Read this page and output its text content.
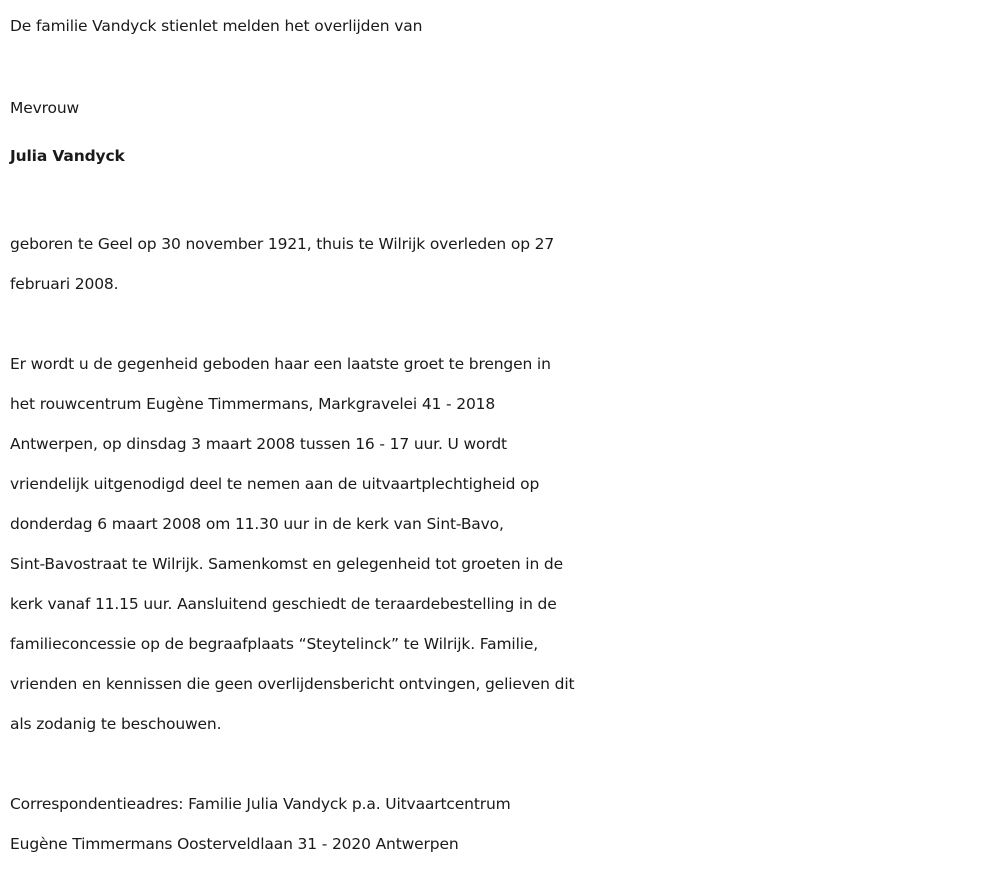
De familie Vandyck stienlet melden het overlijden van

Mevrouw

Julia Vandyck

geboren te Geel op 30 november 1921, thuis te Wilrijk overleden op 27
februari 2008.

Er wordt u de gegenheid geboden haar een laatste groet te brengen in
het rouwcentrum Eugène Timmermans, Markgravelei 41 - 2018
Antwerpen, op dinsdag 3 maart 2008 tussen 16 - 17 uur. U wordt
vriendelijk uitgenodigd deel te nemen aan de uitvaartplechtigheid op
donderdag 6 maart 2008 om 11.30 uur in de kerk van Sint-Bavo,
Sint-Bavostraat te Wilrijk. Samenkomst en gelegenheid tot groeten in de
kerk vanaf 11.15 uur. Aansluitend geschiedt de teraardebestelling in de
familieconcessie op de begraafplaats “Steytelinck” te Wilrijk. Familie,
vrienden en kennissen die geen overlijdensbericht ontvingen, gelieven dit
als zodanig te beschouwen.

Correspondentieadres: Familie Julia Vandyck p.a. Uitvaartcentrum
Eugène Timmermans Oosterveldlaan 31 - 2020 Antwerpen
